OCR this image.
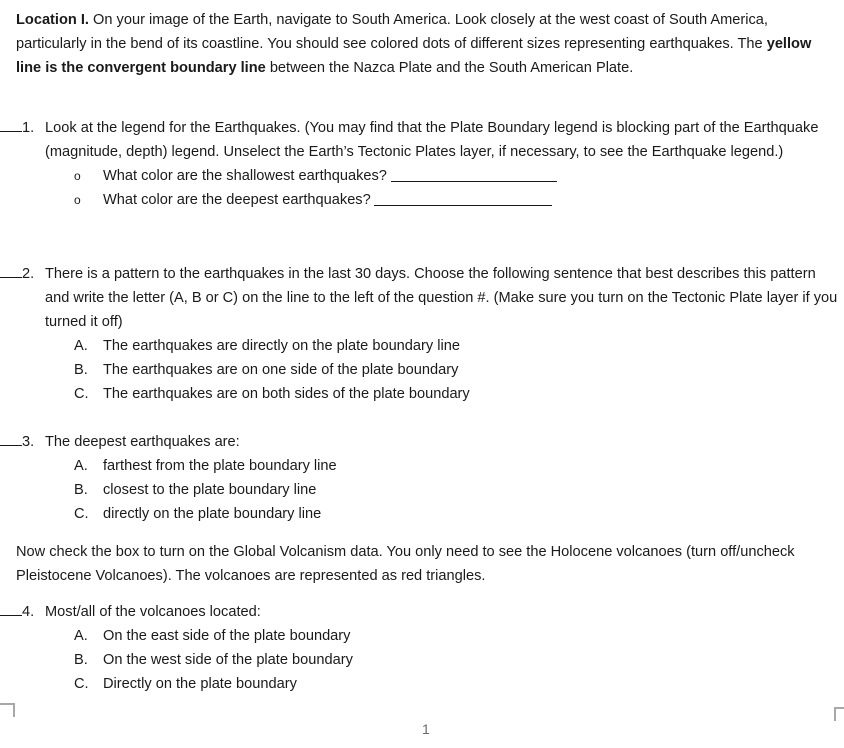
Location I. On your image of the Earth, navigate to South America. Look closely at the west coast of South America, particularly in the bend of its coastline. You should see colored dots of different sizes representing earthquakes. The yellow line is the convergent boundary line between the Nazca Plate and the South American Plate.
1. Look at the legend for the Earthquakes. (You may find that the Plate Boundary legend is blocking part of the Earthquake (magnitude, depth) legend. Unselect the Earth’s Tectonic Plates layer, if necessary, to see the Earthquake legend.)
o	What color are the shallowest earthquakes?
o	What color are the deepest earthquakes?
2. There is a pattern to the earthquakes in the last 30 days. Choose the following sentence that best describes this pattern and write the letter (A, B or C) on the line to the left of the question #. (Make sure you turn on the Tectonic Plate layer if you turned it off)
A.	The earthquakes are directly on the plate boundary line
B.	The earthquakes are on one side of the plate boundary
C. The earthquakes are on both sides of the plate boundary
3. The deepest earthquakes are:
A.	farthest from the plate boundary line
B.	closest to the plate boundary line
C. directly on the plate boundary line
Now check the box to turn on the Global Volcanism data. You only need to see the Holocene volcanoes (turn off/uncheck Pleistocene Volcanoes). The volcanoes are represented as red triangles.
4. Most/all of the volcanoes located:
A.	On the east side of the plate boundary
B.	On the west side of the plate boundary
C. Directly on the plate boundary
1
